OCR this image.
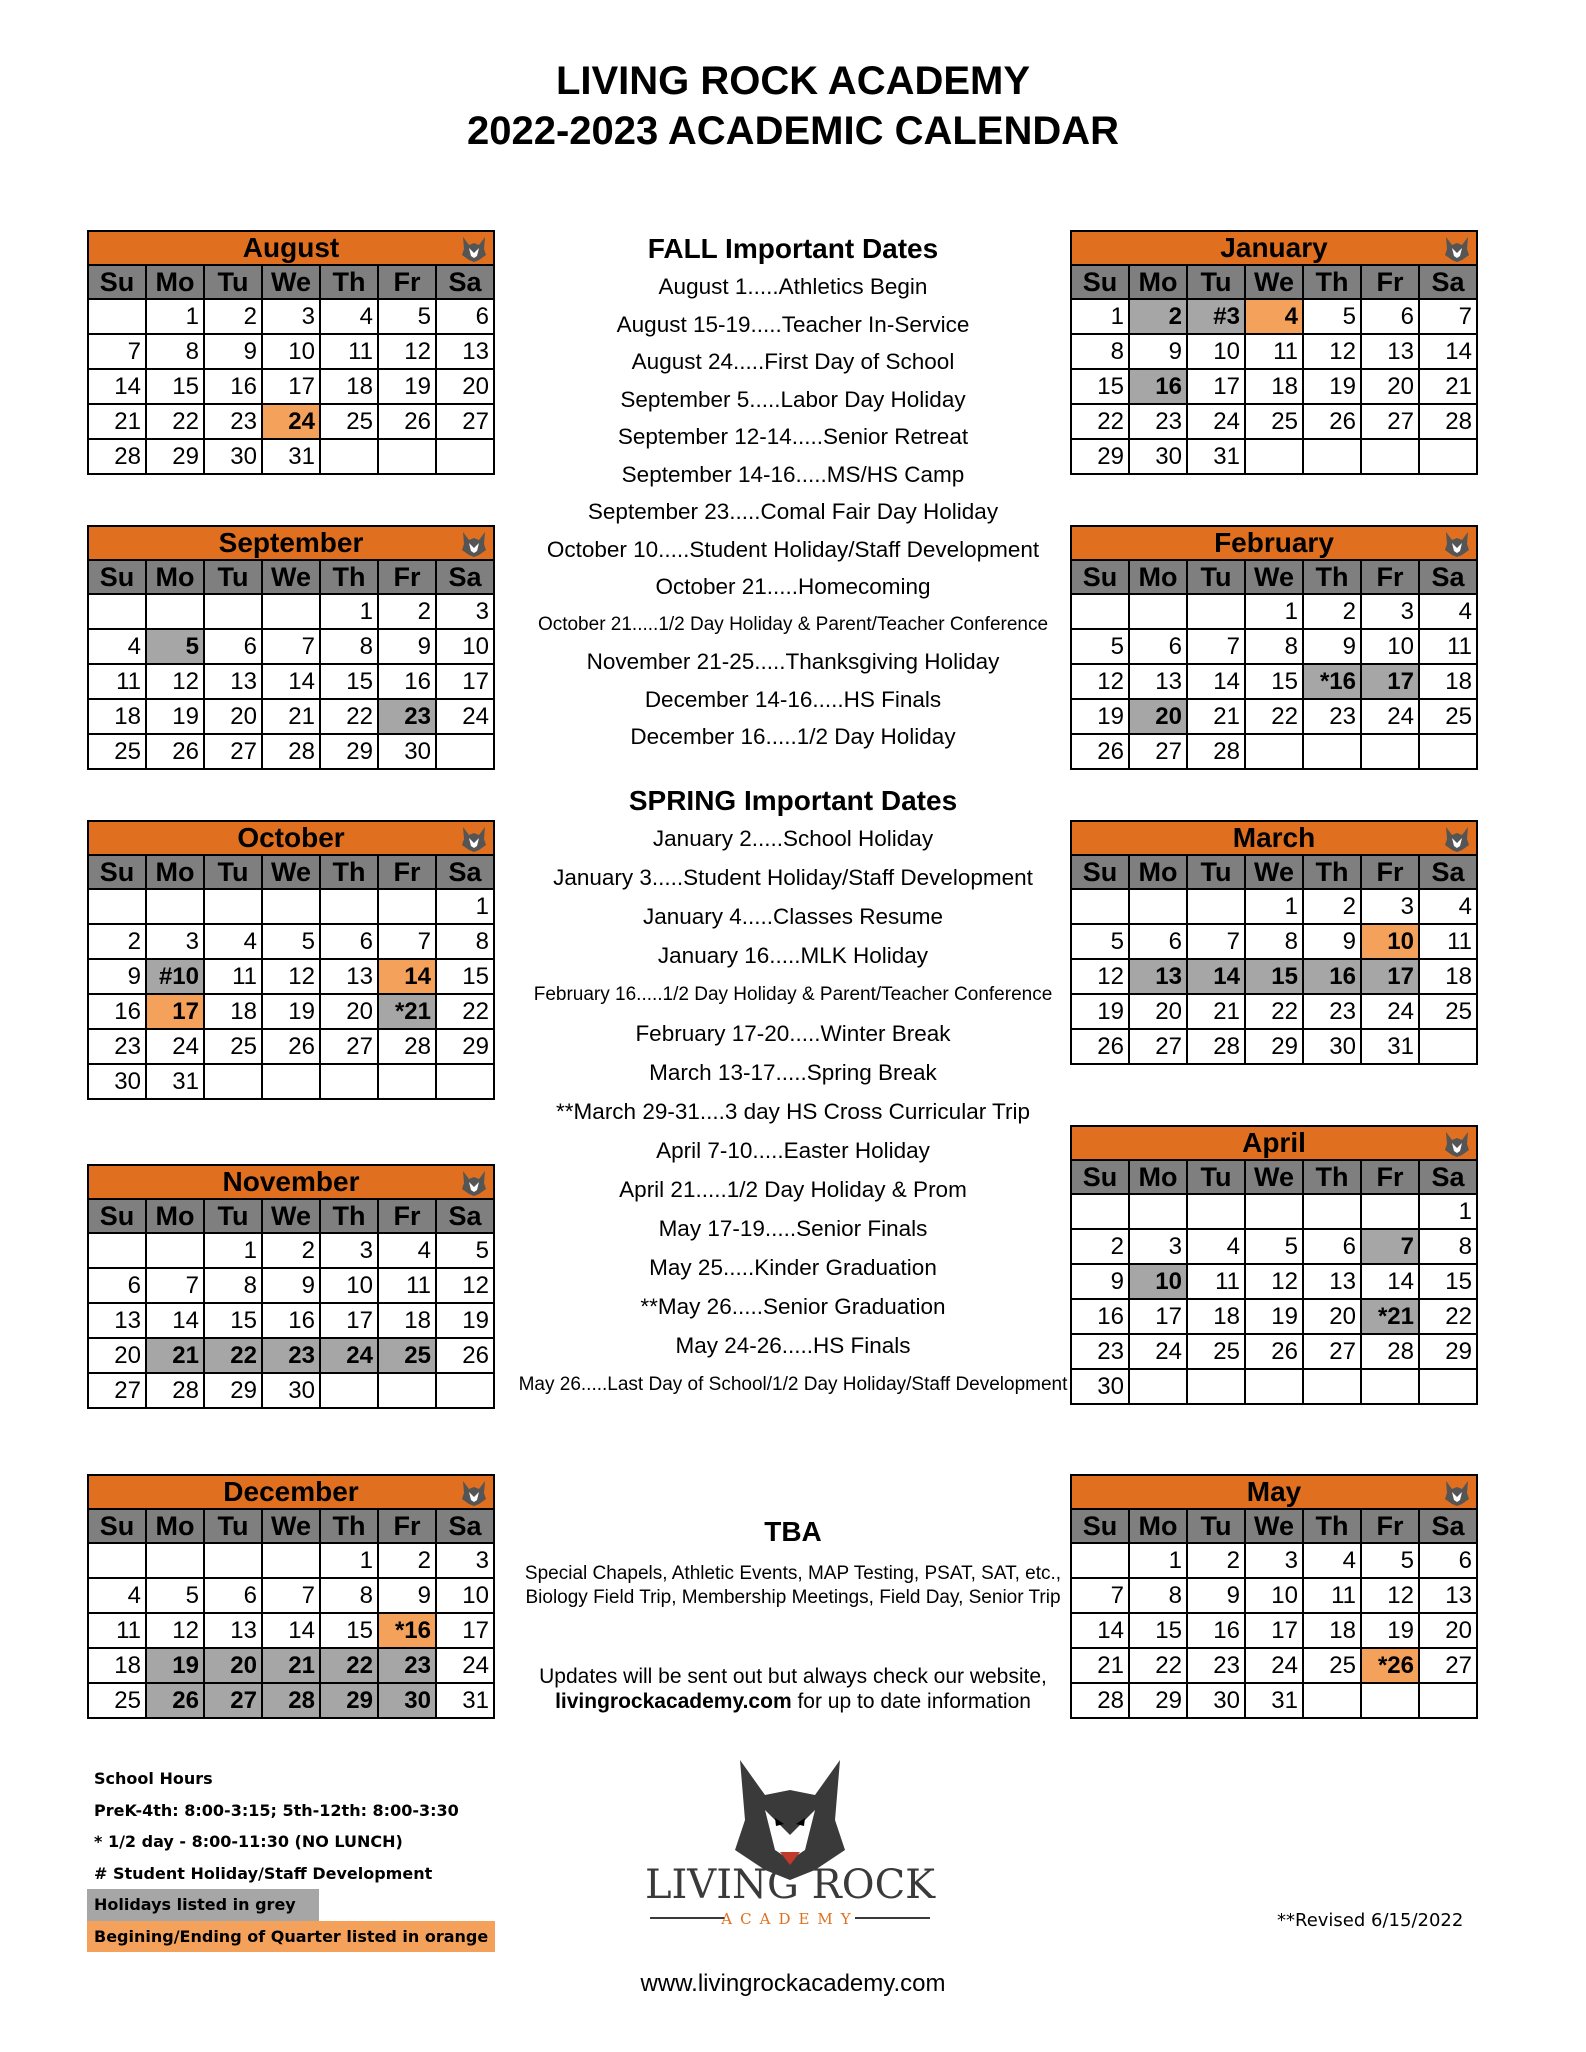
LIVING ROCK ACADEMY
2022-2023 ACADEMIC CALENDAR
August						

Su	Mo	Tu	We	Th	Fr	Sa
	1	2	3	4	5	6
7	8	9	10	11	12	13
14	15	16	17	18	19	20
21	22	23	24	25	26	27
28	29	30	31			
September						

Su	Mo	Tu	We	Th	Fr	Sa
				1	2	3
4	5	6	7	8	9	10
11	12	13	14	15	16	17
18	19	20	21	22	23	24
25	26	27	28	29	30	
October						

Su	Mo	Tu	We	Th	Fr	Sa
						1
2	3	4	5	6	7	8
9	#10	11	12	13	14	15
16	17	18	19	20	*21	22
23	24	25	26	27	28	29
30	31					
November						

Su	Mo	Tu	We	Th	Fr	Sa
		1	2	3	4	5
6	7	8	9	10	11	12
13	14	15	16	17	18	19
20	21	22	23	24	25	26
27	28	29	30			
December						

Su	Mo	Tu	We	Th	Fr	Sa
				1	2	3
4	5	6	7	8	9	10
11	12	13	14	15	*16	17
18	19	20	21	22	23	24
25	26	27	28	29	30	31
January						

Su	Mo	Tu	We	Th	Fr	Sa
1	2	#3	4	5	6	7
8	9	10	11	12	13	14
15	16	17	18	19	20	21
22	23	24	25	26	27	28
29	30	31				
February						

Su	Mo	Tu	We	Th	Fr	Sa
			1	2	3	4
5	6	7	8	9	10	11
12	13	14	15	*16	17	18
19	20	21	22	23	24	25
26	27	28				
March						

Su	Mo	Tu	We	Th	Fr	Sa
			1	2	3	4
5	6	7	8	9	10	11
12	13	14	15	16	17	18
19	20	21	22	23	24	25
26	27	28	29	30	31	
April						

Su	Mo	Tu	We	Th	Fr	Sa
						1
2	3	4	5	6	7	8
9	10	11	12	13	14	15
16	17	18	19	20	*21	22
23	24	25	26	27	28	29
30						
May						

Su	Mo	Tu	We	Th	Fr	Sa
	1	2	3	4	5	6
7	8	9	10	11	12	13
14	15	16	17	18	19	20
21	22	23	24	25	*26	27
28	29	30	31			
FALL Important Dates
August 1.....Athletics Begin
August 15-19.....Teacher In-Service
August 24.....First Day of School
September 5.....Labor Day Holiday
September 12-14.....Senior Retreat
September 14-16.....MS/HS Camp
September 23.....Comal Fair Day Holiday
October 10.....Student Holiday/Staff Development
October 21.....Homecoming
October 21.....1/2 Day Holiday & Parent/Teacher Conference
November 21-25.....Thanksgiving Holiday
December 14-16.....HS Finals
December 16.....1/2 Day Holiday
SPRING Important Dates
January 2.....School Holiday
January 3.....Student Holiday/Staff Development
January 4.....Classes Resume
January 16.....MLK Holiday
February 16.....1/2 Day Holiday & Parent/Teacher Conference
February 17-20.....Winter Break
March 13-17.....Spring Break
**March 29-31....3 day HS Cross Curricular Trip
April 7-10.....Easter Holiday
April 21.....1/2 Day Holiday & Prom
May 17-19.....Senior Finals
May 25.....Kinder Graduation
**May 26.....Senior Graduation
May 24-26.....HS Finals
May 26.....Last Day of School/1/2 Day Holiday/Staff Development
TBA
Special Chapels, Athletic Events, MAP Testing, PSAT, SAT, etc.,
Biology Field Trip, Membership Meetings, Field Day, Senior Trip
Updates will be sent out but always check our website,
livingrockacademy.com for up to date information
LIVING ROCK
ACADEMY
School Hours
PreK-4th: 8:00-3:15; 5th-12th: 8:00-3:30
* 1/2 day - 8:00-11:30 (NO LUNCH)
# Student Holiday/Staff Development
Holidays listed in grey
Begining/Ending of Quarter listed in orange
**Revised 6/15/2022
www.livingrockacademy.com
